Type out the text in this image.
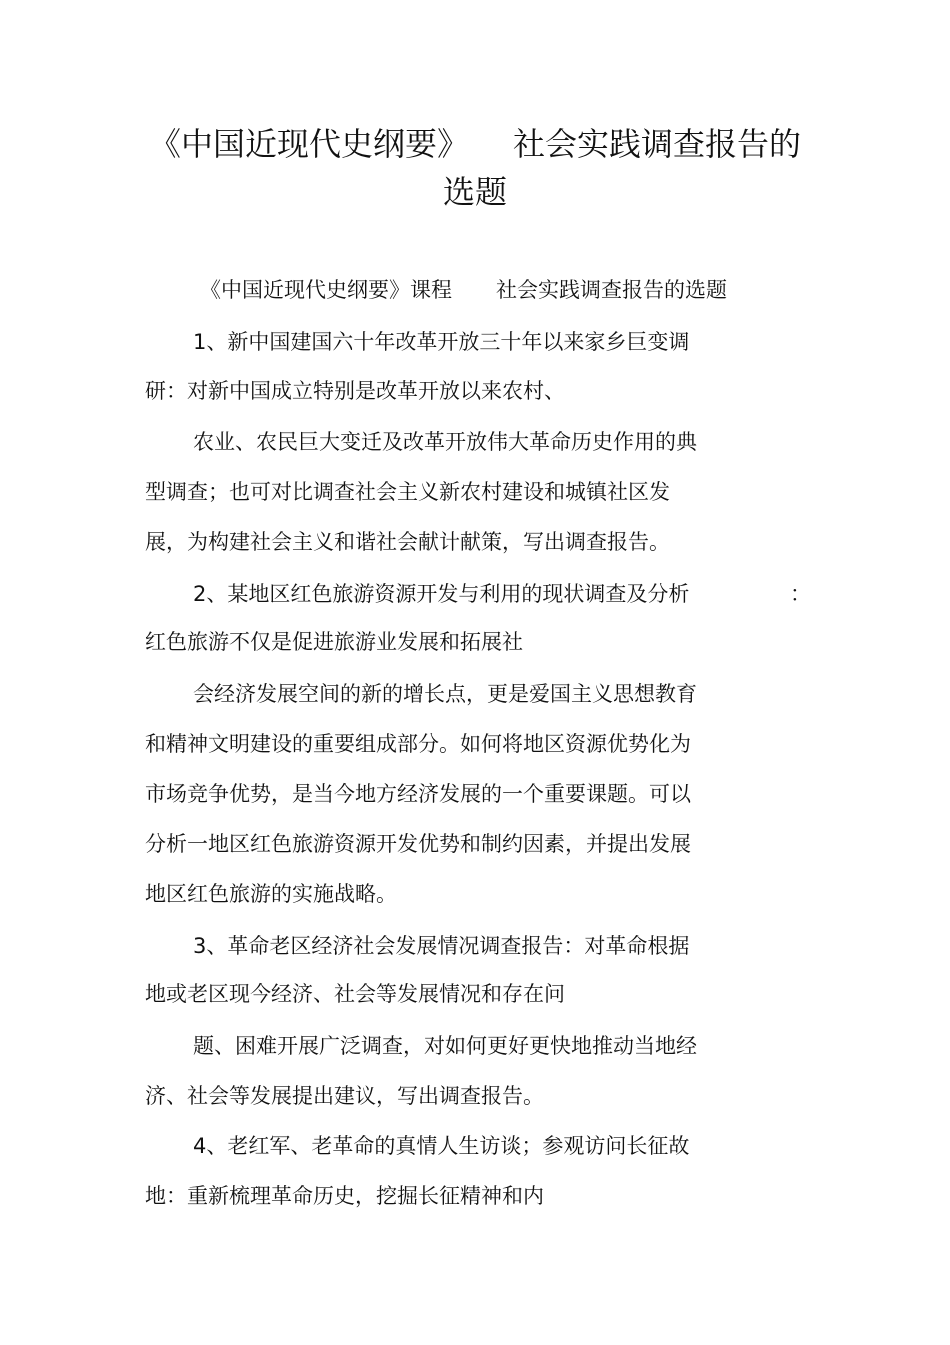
《中国近现代史纲要》 社会实践调查报告的
选题
《中国近现代史纲要》课程 社会实践调查报告的选题
1、新中国建国六十年改革开放三十年以来家乡巨变调
研：对新中国成立特别是改革开放以来农村、
农业、农民巨大变迁及改革开放伟大革命历史作用的典
型调查；也可对比调查社会主义新农村建设和城镇社区发
展，为构建社会主义和谐社会献计献策，写出调查报告。
2、某地区红色旅游资源开发与利用的现状调查及分析	：
红色旅游不仅是促进旅游业发展和拓展社
会经济发展空间的新的增长点，更是爱国主义思想教育
和精神文明建设的重要组成部分。如何将地区资源优势化为
市场竞争优势，是当今地方经济发展的一个重要课题。可以
分析一地区红色旅游资源开发优势和制约因素，并提出发展
地区红色旅游的实施战略。
3、革命老区经济社会发展情况调查报告：对革命根据
地或老区现今经济、社会等发展情况和存在问
题、困难开展广泛调查，对如何更好更快地推动当地经
济、社会等发展提出建议，写出调查报告。
4、老红军、老革命的真情人生访谈；参观访问长征故
地：重新梳理革命历史，挖掘长征精神和内
